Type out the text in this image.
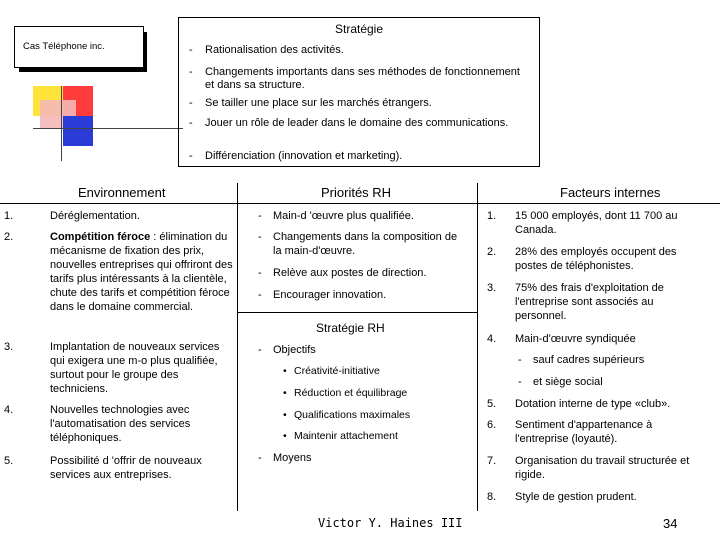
Cas Téléphone inc.
Stratégie
- Rationalisation des activités.
- Changements importants dans ses méthodes de fonctionnement et dans sa structure.
- Se tailler une place sur les marchés étrangers.
- Jouer un rôle de leader dans le domaine des communications.
- Différenciation (innovation et marketing).
Environnement
1.	Déréglementation.
2.	Compétition féroce : élimination du mécanisme de fixation des prix, nouvelles entreprises qui offriront des tarifs plus intéressants à la clientèle, chute des tarifs et compétition féroce dans le domaine commercial.
3.	Implantation de nouveaux services qui exigera une m-o plus qualifiée, surtout pour le groupe des techniciens.
4.	Nouvelles technologies avec l'automatisation des services téléphoniques.
5.	Possibilité d 'offrir de nouveaux services aux entreprises.
Priorités RH
- Main-d 'œuvre plus qualifiée.
- Changements dans la composition de la main-d'œuvre.
- Relève aux postes de direction.
- Encourager innovation.
Stratégie RH
- Objectifs
• Créativité-initiative
• Réduction et équilibrage
• Qualifications maximales
• Maintenir attachement
- Moyens
Facteurs internes
1. 15 000 employés, dont 11 700 au Canada.
2. 28% des employés occupent des postes de téléphonistes.
3. 75% des frais d'exploitation de l'entreprise sont associés au personnel.
4. Main-d'œuvre syndiquée
- sauf cadres supérieurs
- et siège social
5. Dotation interne de type «club».
6. Sentiment d'appartenance à l'entreprise (loyauté).
7. Organisation du travail structurée et rigide.
8. Style de gestion prudent.
Victor Y. Haines III	34
